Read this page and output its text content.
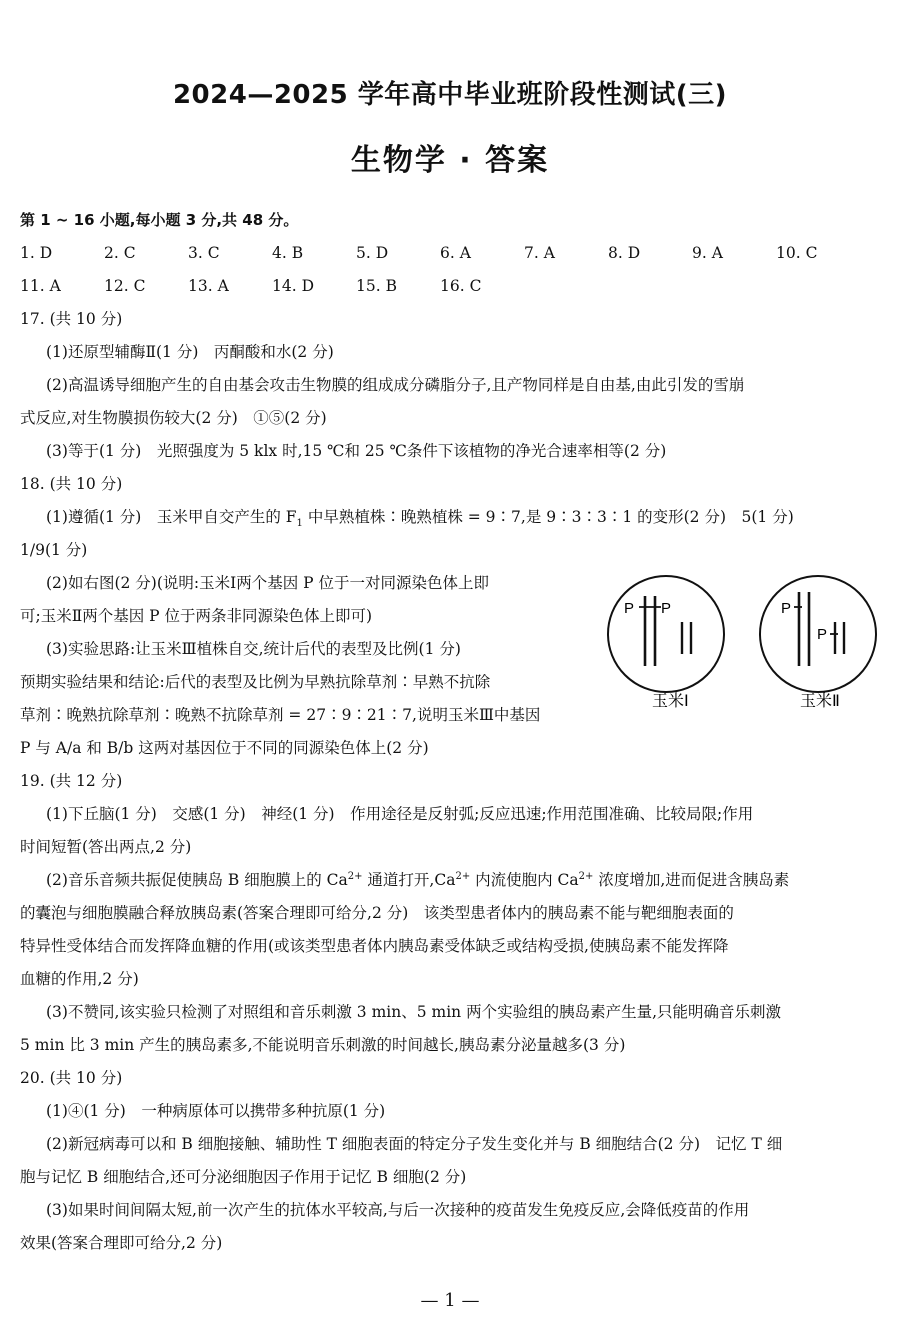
2024—2025 学年高中毕业班阶段性测试(三)
生物学 · 答案
第 1 ~ 16 小题,每小题 3 分,共 48 分。
1. D	2. C	3. C	4. B	5. D	6. A	7. A	8. D	9. A	10. C
11. A	12. C	13. A	14. D	15. B	16. C
17. (共 10 分)
(1)还原型辅酶Ⅱ(1 分)　丙酮酸和水(2 分)
(2)高温诱导细胞产生的自由基会攻击生物膜的组成成分磷脂分子,且产物同样是自由基,由此引发的雪崩
式反应,对生物膜损伤较大(2 分)　①⑤(2 分)
(3)等于(1 分)　光照强度为 5 klx 时,15 ℃和 25 ℃条件下该植物的净光合速率相等(2 分)
18. (共 10 分)
(1)遵循(1 分)　玉米甲自交产生的 $F_1$ 中早熟植株∶晚熟植株 = 9∶7,是 9∶3∶3∶1 的变形(2 分)　5(1 分)
1/9(1 分)
(2)如右图(2 分)(说明:玉米Ⅰ两个基因 P 位于一对同源染色体上即
可;玉米Ⅱ两个基因 P 位于两条非同源染色体上即可)
(3)实验思路:让玉米Ⅲ植株自交,统计后代的表型及比例(1 分)
预期实验结果和结论:后代的表型及比例为早熟抗除草剂∶早熟不抗除
草剂∶晚熟抗除草剂∶晚熟不抗除草剂 = 27∶9∶21∶7,说明玉米Ⅲ中基因
P 与 A/a 和 B/b 这两对基因位于不同的同源染色体上(2 分)
19. (共 12 分)
(1)下丘脑(1 分)　交感(1 分)　神经(1 分)　作用途径是反射弧;反应迅速;作用范围准确、比较局限;作用
时间短暂(答出两点,2 分)
(2)音乐音频共振促使胰岛 B 细胞膜上的 $Ca^{2+}$ 通道打开$,Ca^{2+}$ 内流使胞内 $Ca^{2+}$ 浓度增加,进而促进含胰岛素
的囊泡与细胞膜融合释放胰岛素(答案合理即可给分,2 分)　该类型患者体内的胰岛素不能与靶细胞表面的
特异性受体结合而发挥降血糖的作用(或该类型患者体内胰岛素受体缺乏或结构受损,使胰岛素不能发挥降
血糖的作用,2 分)
(3)不赞同,该实验只检测了对照组和音乐刺激 3 min、5 min 两个实验组的胰岛素产生量,只能明确音乐刺激
5 min 比 3 min 产生的胰岛素多,不能说明音乐刺激的时间越长,胰岛素分泌量越多(3 分)
20. (共 10 分)
(1)④(1 分)　一种病原体可以携带多种抗原(1 分)
(2)新冠病毒可以和 B 细胞接触、辅助性 T 细胞表面的特定分子发生变化并与 B 细胞结合(2 分)　记忆 T 细
胞与记忆 B 细胞结合,还可分泌细胞因子作用于记忆 B 细胞(2 分)
(3)如果时间间隔太短,前一次产生的抗体水平较高,与后一次接种的疫苗发生免疫反应,会降低疫苗的作用
效果(答案合理即可给分,2 分)
P P	P
P
玉米Ⅰ	玉米Ⅱ
— 1 —
